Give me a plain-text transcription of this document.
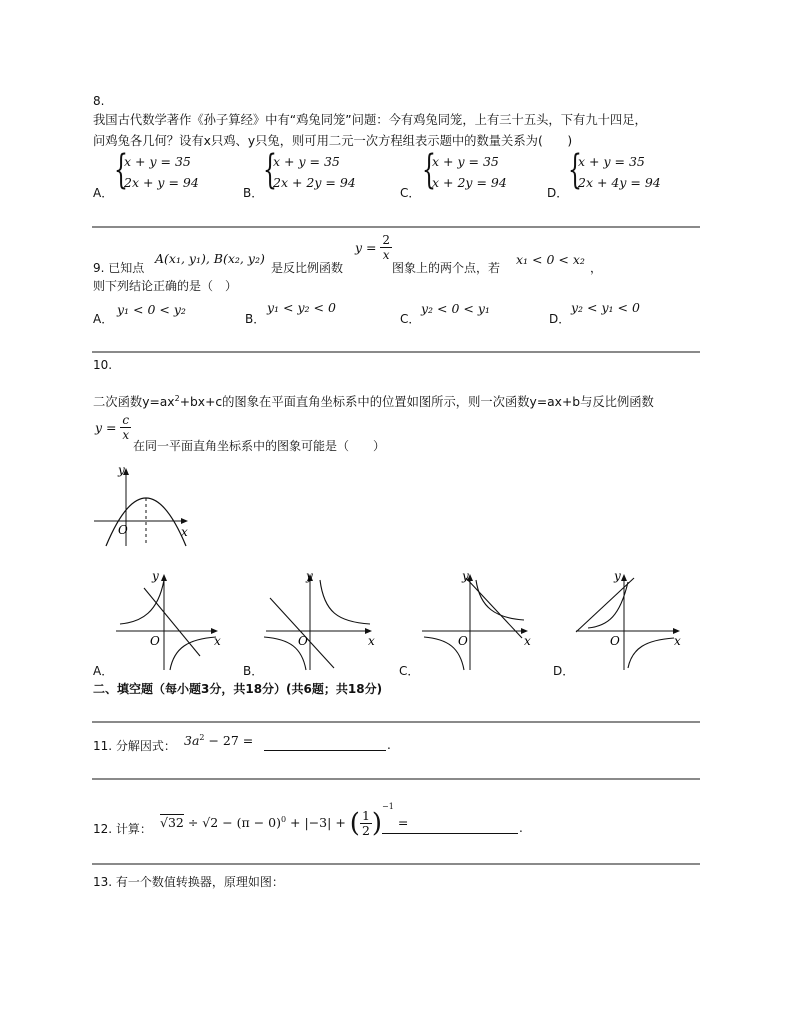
8.
我国古代数学著作《孙子算经》中有“鸡兔同笼”问题：今有鸡兔同笼，上有三十五头，下有九十四足，
问鸡兔各几何？设有x只鸡、y只兔，则可用二元一次方程组表示题中的数量关系为(　　)
A． {
x + y = 35
2x + y = 94
B． {
x + y = 35
2x + 2y = 94
C． {
x + y = 35
x + 2y = 94
D． {
x + y = 35
2x + 4y = 94
9. 已知点
A(x₁, y₁), B(x₂, y₂)
是反比例函数
$y = \frac{2}{x}$
图象上的两个点，若
x₁ < 0 < x₂
，
则下列结论正确的是（　）
A．
y₁ < 0 < y₂
B．
y₁ < y₂ < 0
C．
y₂ < 0 < y₁
D．
y₂ < y₁ < 0
10.
二次函数$y=ax^2+bx+c$的图象在平面直角坐标系中的位置如图所示，则一次函数y=ax+b与反比例函数
$y = \frac{c}{x}$
在同一平面直角坐标系中的图象可能是（　　）
O
y
x
O
y
x	O
y
x	O
y
x	O
y
x
A．	B．	C．	D．
二、填空题（每小题3分，共18分）(共6题；共18分)
11. 分解因式： $3a^2 - 27$ =	.
12. 计算： $√32 \div √2 - (\pi - 0)^0 + |-3|$ + ( $\frac{1}{2} )^{-1}$ =	.
13. 有一个数值转换器，原理如图：
